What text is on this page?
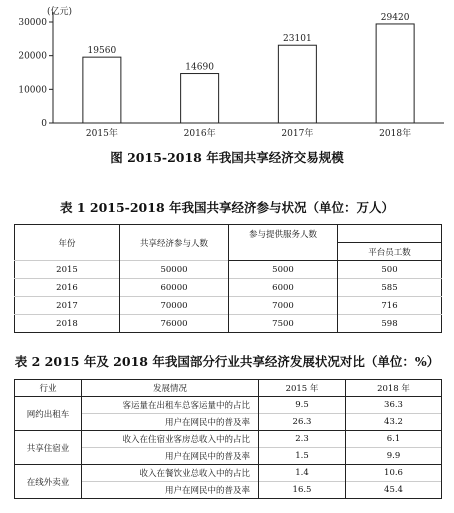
(亿元)
0
10000
20000
30000
19560
2015年
14690
2016年
23101
2017年
29420
2018年
图 2015-2018 年我国共享经济交易规模
表 1 2015-2018 年我国共享经济参与状况（单位：万人）
年份	共享经济参与人数	参与提供服务人数	
			平台员工数
2015	50000	5000	500
2016	60000	6000	585
2017	70000	7000	716
2018	76000	7500	598
表 2 2015 年及 2018 年我国部分行业共享经济发展状况对比（单位：%）
行业	发展情况	2015 年	2018 年
网约出租车	客运量在出租车总客运量中的占比	9.5	36.3
	用户在网民中的普及率	26.3	43.2
共享住宿业	收入在住宿业客房总收入中的占比	2.3	6.1
	用户在网民中的普及率	1.5	9.9
在线外卖业	收入在餐饮业总收入中的占比	1.4	10.6
	用户在网民中的普及率	16.5	45.4
